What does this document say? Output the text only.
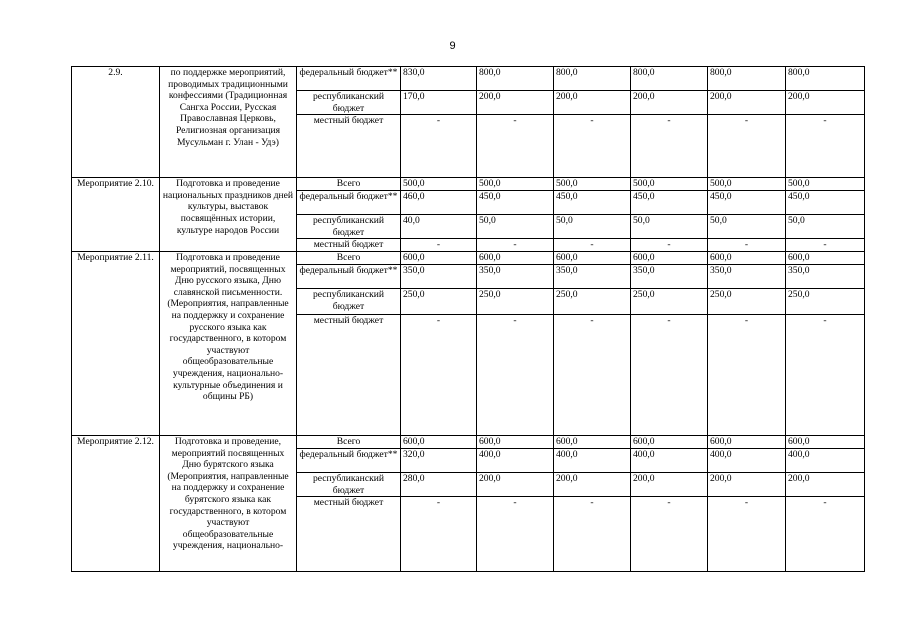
9
2.9.	по поддержке мероприятий, проводимых традиционными конфессиями (Традиционная Сангха России, Русская Православная Церковь, Религиозная организация Мусульман г. Улан - Удэ)	федеральный бюджет**	830,0	800,0	800,0	800,0	800,0	800,0
		республиканский бюджет	170,0	200,0	200,0	200,0	200,0	200,0
		местный бюджет	-	-	-	-	-	-
Мероприятие 2.10.	Подготовка и проведение национальных праздников дней культуры, выставок посвящённых истории, культуре народов России	Всего	500,0	500,0	500,0	500,0	500,0	500,0
		федеральный бюджет**	460,0	450,0	450,0	450,0	450,0	450,0
		республиканский бюджет	40,0	50,0	50,0	50,0	50,0	50,0
		местный бюджет	-	-	-	-	-	-
Мероприятие 2.11.	Подготовка и проведение мероприятий, посвященных Дню русского языка, Дню славянской письменности. (Мероприятия, направленные на поддержку и сохранение русского языка как государственного, в котором участвуют общеобразовательные учреждения, национально-культурные объединения и общины РБ)	Всего	600,0	600,0	600,0	600,0	600,0	600,0
		федеральный бюджет**	350,0	350,0	350,0	350,0	350,0	350,0
		республиканский бюджет	250,0	250,0	250,0	250,0	250,0	250,0
		местный бюджет	-	-	-	-	-	-
Мероприятие 2.12.	Подготовка и проведение, мероприятий посвященных Дню бурятского языка (Мероприятия, направленные на поддержку и сохранение бурятского языка как государственного, в котором участвуют общеобразовательные учреждения, национально-	Всего	600,0	600,0	600,0	600,0	600,0	600,0
		федеральный бюджет**	320,0	400,0	400,0	400,0	400,0	400,0
		республиканский бюджет	280,0	200,0	200,0	200,0	200,0	200,0
		местный бюджет	-	-	-	-	-	-
